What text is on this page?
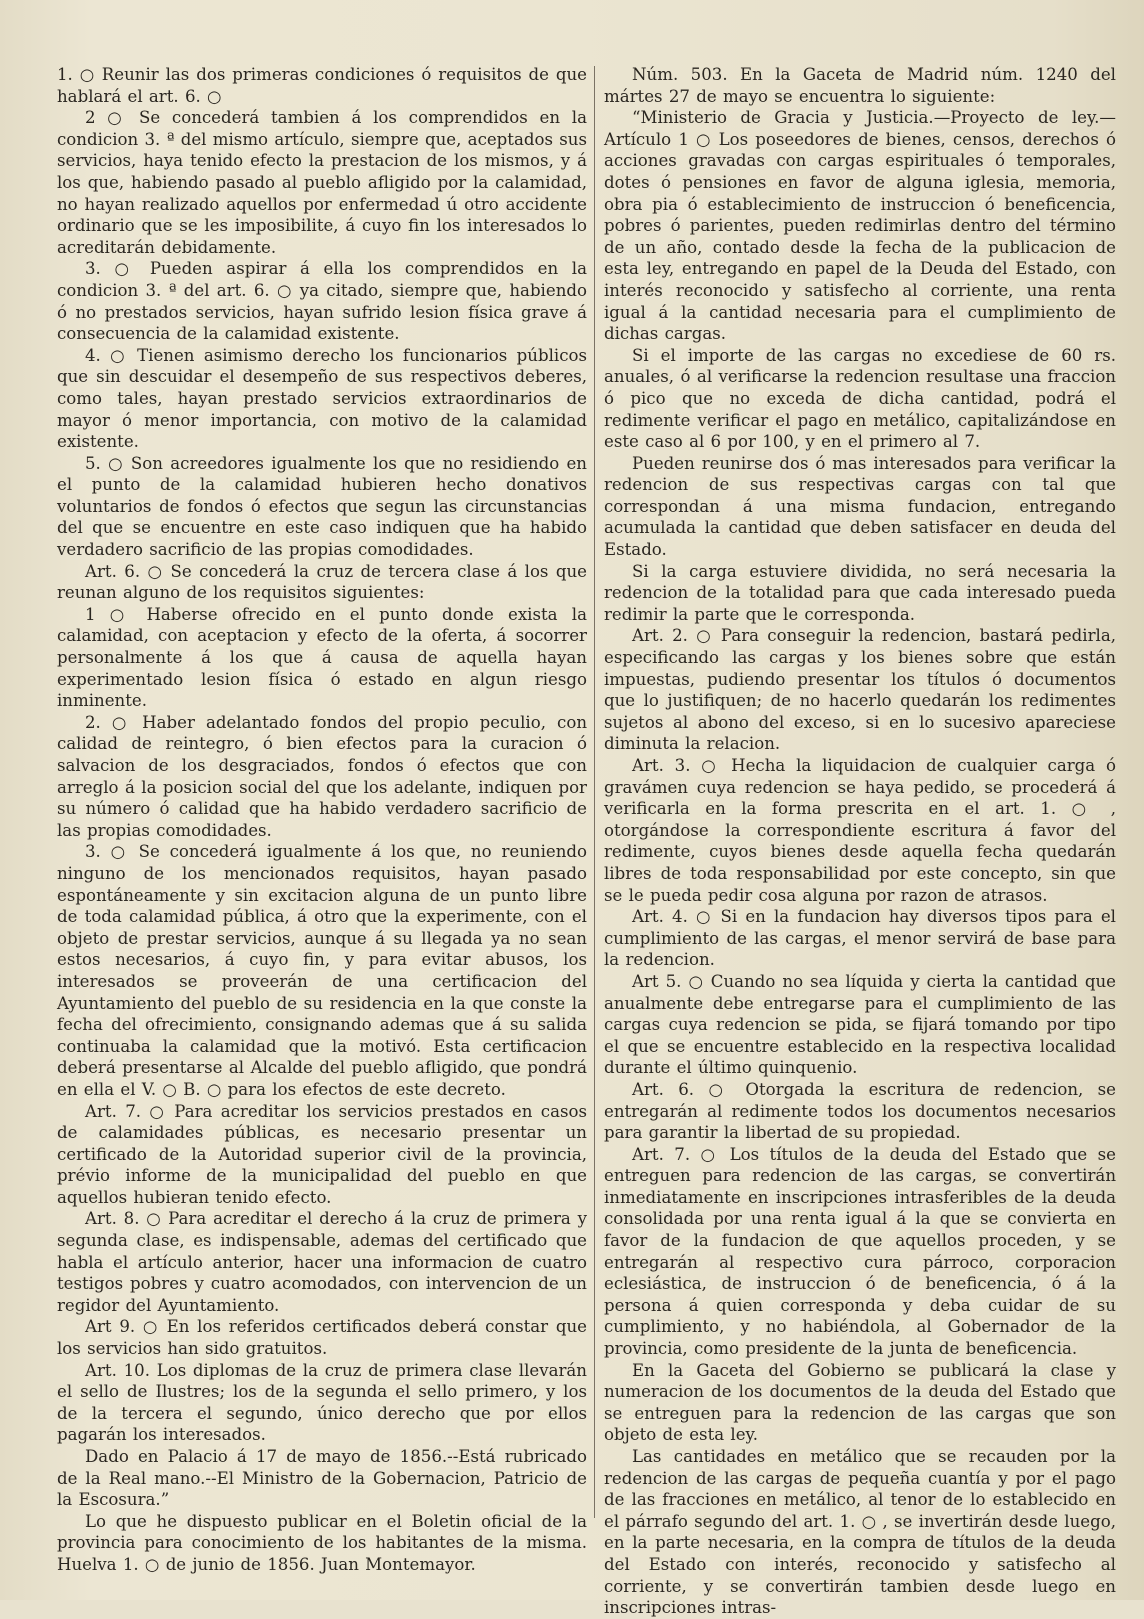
1. ○ Reunir las dos primeras condiciones ó requisitos de que hablará el art. 6. ○

2 ○ Se concederá tambien á los comprendidos en la condicion 3. ª del mismo artículo, siempre que, aceptados sus servicios, haya tenido efecto la prestacion de los mismos, y á los que, habiendo pasado al pueblo afligido por la calamidad, no hayan realizado aquellos por enfermedad ú otro accidente ordinario que se les imposibilite, á cuyo fin los interesados lo acreditarán debidamente.

3. ○ Pueden aspirar á ella los comprendidos en la condicion 3. ª del art. 6. ○ ya citado, siempre que, habiendo ó no prestados servicios, hayan sufrido lesion física grave á consecuencia de la calamidad existente.

4. ○ Tienen asimismo derecho los funcionarios públicos que sin descuidar el desempeño de sus respectivos deberes, como tales, hayan prestado servicios extraordinarios de mayor ó menor importancia, con motivo de la calamidad existente.

5. ○ Son acreedores igualmente los que no residiendo en el punto de la calamidad hubieren hecho donativos voluntarios de fondos ó efectos que segun las circunstancias del que se encuentre en este caso indiquen que ha habido verdadero sacrificio de las propias comodidades.

Art. 6. ○ Se concederá la cruz de tercera clase á los que reunan alguno de los requisitos siguientes:

1 ○ Haberse ofrecido en el punto donde exista la calamidad, con aceptacion y efecto de la oferta, á socorrer personalmente á los que á causa de aquella hayan experimentado lesion física ó estado en algun riesgo inminente.

2. ○ Haber adelantado fondos del propio peculio, con calidad de reintegro, ó bien efectos para la curacion ó salvacion de los desgraciados, fondos ó efectos que con arreglo á la posicion social del que los adelante, indiquen por su número ó calidad que ha habido verdadero sacrificio de las propias comodidades.

3. ○ Se concederá igualmente á los que, no reuniendo ninguno de los mencionados requisitos, hayan pasado espontáneamente y sin excitacion alguna de un punto libre de toda calamidad pública, á otro que la experimente, con el objeto de prestar servicios, aunque á su llegada ya no sean estos necesarios, á cuyo fin, y para evitar abusos, los interesados se proveerán de una certificacion del Ayuntamiento del pueblo de su residencia en la que conste la fecha del ofrecimiento, consignando ademas que á su salida continuaba la calamidad que la motivó. Esta certificacion deberá presentarse al Alcalde del pueblo afligido, que pondrá en ella el V. ○ B. ○ para los efectos de este decreto.

Art. 7. ○ Para acreditar los servicios prestados en casos de calamidades públicas, es necesario presentar un certificado de la Autoridad superior civil de la provincia, prévio informe de la municipalidad del pueblo en que aquellos hubieran tenido efecto.

Art. 8. ○ Para acreditar el derecho á la cruz de primera y segunda clase, es indispensable, ademas del certificado que habla el artículo anterior, hacer una informacion de cuatro testigos pobres y cuatro acomodados, con intervencion de un regidor del Ayuntamiento.

Art 9. ○ En los referidos certificados deberá constar que los servicios han sido gratuitos.

Art. 10. Los diplomas de la cruz de primera clase llevarán el sello de Ilustres; los de la segunda el sello primero, y los de la tercera el segundo, único derecho que por ellos pagarán los interesados.

Dado en Palacio á 17 de mayo de 1856.--Está rubricado de la Real mano.--El Ministro de la Gobernacion, Patricio de la Escosura.”

Lo que he dispuesto publicar en el Boletin oficial de la provincia para conocimiento de los habitantes de la misma. Huelva 1. ○ de junio de 1856. Juan Montemayor.

Núm. 503. En la Gaceta de Madrid núm. 1240 del mártes 27 de mayo se encuentra lo siguiente:

“Ministerio de Gracia y Justicia.—Proyecto de ley.— Artículo 1 ○ Los poseedores de bienes, censos, derechos ó acciones gravadas con cargas espirituales ó temporales, dotes ó pensiones en favor de alguna iglesia, memoria, obra pia ó establecimiento de instruccion ó beneficencia, pobres ó parientes, pueden redimirlas dentro del término de un año, contado desde la fecha de la publicacion de esta ley, entregando en papel de la Deuda del Estado, con interés reconocido y satisfecho al corriente, una renta igual á la cantidad necesaria para el cumplimiento de dichas cargas.

Si el importe de las cargas no excediese de 60 rs. anuales, ó al verificarse la redencion resultase una fraccion ó pico que no exceda de dicha cantidad, podrá el redimente verificar el pago en metálico, capitalizándose en este caso al 6 por 100, y en el primero al 7.

Pueden reunirse dos ó mas interesados para verificar la redencion de sus respectivas cargas con tal que correspondan á una misma fundacion, entregando acumulada la cantidad que deben satisfacer en deuda del Estado.

Si la carga estuviere dividida, no será necesaria la redencion de la totalidad para que cada interesado pueda redimir la parte que le corresponda.

Art. 2. ○ Para conseguir la redencion, bastará pedirla, especificando las cargas y los bienes sobre que están impuestas, pudiendo presentar los títulos ó documentos que lo justifiquen; de no hacerlo quedarán los redimentes sujetos al abono del exceso, si en lo sucesivo apareciese diminuta la relacion.

Art. 3. ○ Hecha la liquidacion de cualquier carga ó gravámen cuya redencion se haya pedido, se procederá á verificarla en la forma prescrita en el art. 1. ○ , otorgándose la correspondiente escritura á favor del redimente, cuyos bienes desde aquella fecha quedarán libres de toda responsabilidad por este concepto, sin que se le pueda pedir cosa alguna por razon de atrasos.

Art. 4. ○ Si en la fundacion hay diversos tipos para el cumplimiento de las cargas, el menor servirá de base para la redencion.

Art 5. ○ Cuando no sea líquida y cierta la cantidad que anualmente debe entregarse para el cumplimiento de las cargas cuya redencion se pida, se fijará tomando por tipo el que se encuentre establecido en la respectiva localidad durante el último quinquenio.

Art. 6. ○ Otorgada la escritura de redencion, se entregarán al redimente todos los documentos necesarios para garantir la libertad de su propiedad.

Art. 7. ○ Los títulos de la deuda del Estado que se entreguen para redencion de las cargas, se convertirán inmediatamente en inscripciones intrasferibles de la deuda consolidada por una renta igual á la que se convierta en favor de la fundacion de que aquellos proceden, y se entregarán al respectivo cura párroco, corporacion eclesiástica, de instruccion ó de beneficencia, ó á la persona á quien corresponda y deba cuidar de su cumplimiento, y no habiéndola, al Gobernador de la provincia, como presidente de la junta de beneficencia.

En la Gaceta del Gobierno se publicará la clase y numeracion de los documentos de la deuda del Estado que se entreguen para la redencion de las cargas que son objeto de esta ley.

Las cantidades en metálico que se recauden por la redencion de las cargas de pequeña cuantía y por el pago de las fracciones en metálico, al tenor de lo establecido en el párrafo segundo del art. 1. ○ , se invertirán desde luego, en la parte necesaria, en la compra de títulos de la deuda del Estado con interés, reconocido y satisfecho al corriente, y se convertirán tambien desde luego en inscripciones intras-
